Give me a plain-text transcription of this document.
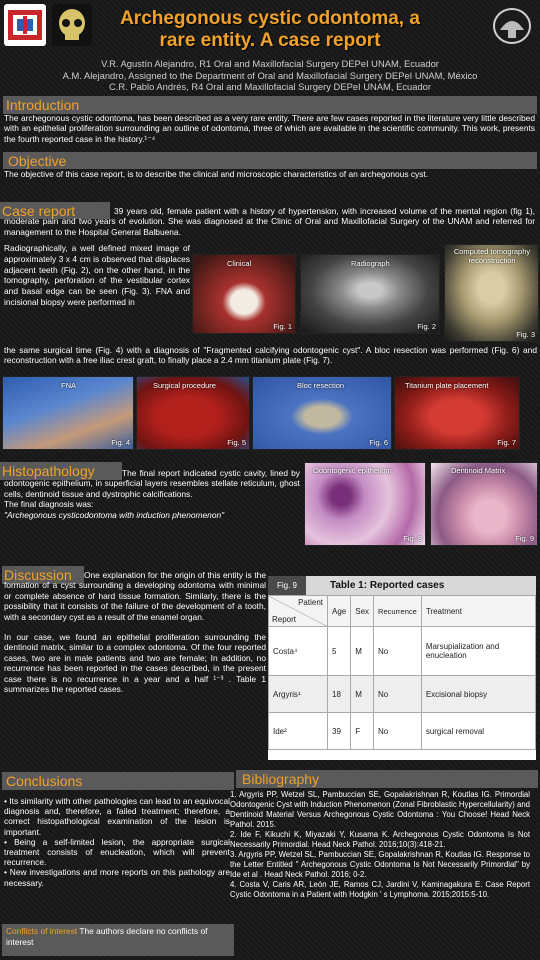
Archegonous cystic odontoma, a rare entity. A case report
V.R. Agustín Alejandro, R1 Oral and Maxillofacial Surgery DEPeI UNAM, Ecuador
A.M. Alejandro, Assigned to the Department of Oral and Maxillofacial Surgery DEPeI UNAM, México
C.R. Pablo Andrés, R4 Oral and Maxillofacial Surgery DEPeI UNAM, Ecuador
Introduction
The archegonous cystic odontoma, has been described as a very rare entity. There are few cases reported in the literature very little described with an epithelial proliferation surrounding an outline of odontoma, three of which are available in the scientific community. This work, presents the fourth reported case in the history.¹⁻⁴
Objective
The objective of this case report, is to describe the clinical and microscopic characteristics of an archegonous cyst.
Case report	39 years old, female patient with a history of hypertension, with increased volume of the mental region (fig 1), moderate pain and two years of evolution. She was diagnosed at the Clinic of Oral and Maxillofacial Surgery of the UNAM and referred for management to the Hospital General Balbuena.
Radiographically, a well defined mixed image of approximately 3 x 4 cm is observed that displaces adjacent teeth (Fig. 2), on the other hand, in the tomography, perforation of the vestibular cortex and basal edge can be seen (Fig. 3). FNA and incisional biopsy were performed in
Clinical
Fig. 1
Radiograph
Fig. 2
Computed tomography reconstruction
Fig. 3
the same surgical time (Fig. 4) with a diagnosis of "Fragmented calcifying odontogenic cyst". A bloc resection was performed (Fig. 6) and reconstruction with a free iliac crest graft, to finally place a 2.4 mm titanium plate (Fig. 7).
FNA
Fig. 4
Surgical procedure
Fig. 5
Bloc resection
Fig. 6
Titanium plate placement
Fig. 7
Histopathology	The final report indicated cystic cavity, lined by odontogenic epithelium, in superficial layers resembles stellate reticulum, ghost cells, dentinoid tissue and dystrophic calcifications.
The final diagnosis was:
"Archegonous cysticodontoma with induction phenomenon"
Odontogenic epithelium
Fig. 8
Dentinoid Matrix
Fig. 9
Discussion	One explanation for the origin of this entity is the formation of a cyst surrounding a developing odontoma with minimal or complete absence of hard tissue formation. Similarly, there is the possibility that it consists of the failure of the development of a tooth, with a secondary cyst as a result of the enamel organ.
In our case, we found an epithelial proliferation surrounding the dentinoid matrix, similar to a complex odontoma. Of the four reported cases, two are in male patients and two are female; In addition, no recurrence has been reported in the cases described, in the present case there is no recurrence in a year and a half ¹⁻³ . Table 1 summarizes the reported cases.
Fig. 9	Table 1: Reported cases
Patient
Report	Age	Sex	Recurrence	Treatment
Costa⁴	5	M	No	Marsupialization and enucleation
Argyris¹	18	M	No	Excisional biopsy
Ide²	39	F	No	surgical removal
Conclusions
• Its similarity with other pathologies can lead to an equivocal diagnosis and, therefore, a failed treatment; therefore, a correct histopathological examination of the lesion is important.
• Being a self-limited lesion, the appropriate surgical treatment consists of enucleation, which will prevent recurrence.
• New investigations and more reports on this pathology are necessary.
Conflicts of interest The authors declare no conflicts of interest
Bibliography
1. Argyris PP, Wetzel SL, Pambuccian SE, Gopalakrishnan R, Koutlas IG. Primordial Odontogenic Cyst with Induction Phenomenon (Zonal Fibroblastic Hypercellularity) and Dentinoid Material Versus Archegonous Cystic Odontoma : You Choose! Head Neck Pathol. 2015.
2. Ide F, Kikuchi K, Miyazaki Y, Kusama K. Archegonous Cystic Odontoma Is Not Necessarily Primordial. Head Neck Pathol. 2016;10(3):418-21.
3. Argyris PP, Wetzel SL, Pambuccian SE, Gopalakrishnan R, Koutlas IG. Response to the Letter Entitled " Archegonous Cystic Odontoma Is Not Necessarily Primordial" by Ide et al . Head Neck Pathol. 2016; 0-2.
4. Costa V, Caris AR, León JE, Ramos CJ, Jardini V, Kaminagakura E. Case Report Cystic Odontoma in a Patient with Hodgkin ' s Lymphoma. 2015;2015:5-10.
